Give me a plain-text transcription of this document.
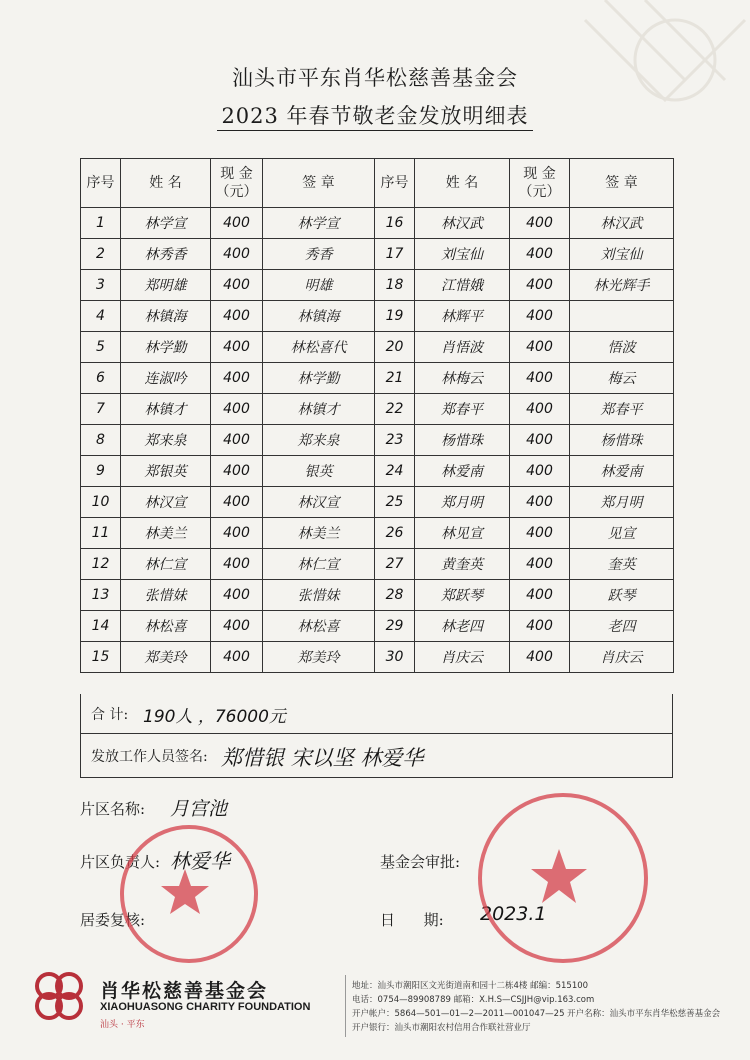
汕头市平东肖华松慈善基金会
2023 年春节敬老金发放明细表
序号	姓 名	现 金（元）	签 章	序号	姓 名	现 金（元）	签 章
1	林学宣	400	林学宣	16	林汉武	400	林汉武
2	林秀香	400	秀香	17	刘宝仙	400	刘宝仙
3	郑明雄	400	明雄	18	江惜娥	400	林光辉手
4	林镇海	400	林镇海	19	林辉平	400	
5	林学勤	400	林松喜代	20	肖悟波	400	悟波
6	连淑吟	400	林学勤	21	林梅云	400	梅云
7	林镇才	400	林镇才	22	郑春平	400	郑春平
8	郑来泉	400	郑来泉	23	杨惜珠	400	杨惜珠
9	郑银英	400	银英	24	林爱南	400	林爱南
10	林汉宣	400	林汉宣	25	郑月明	400	郑月明
11	林美兰	400	林美兰	26	林见宣	400	见宣
12	林仁宣	400	林仁宣	27	黄奎英	400	奎英
13	张惜妹	400	张惜妹	28	郑跃琴	400	跃琴
14	林松喜	400	林松喜	29	林老四	400	老四
15	郑美玲	400	郑美玲	30	肖庆云	400	肖庆云
合 计: 190人 ，76000元
发放工作人员签名: 郑惜银 宋以坚 林爱华
片区名称: 月宫池
片区负责人: 林爱华	基金会审批:
居委复核:	日      期: 2023.1
肖华松慈善基金会
XIAOHUASONG CHARITY FOUNDATION
汕头 · 平东
地址：汕头市潮阳区文光街道南和园十二栋4楼 邮编：515100
电话：0754—89908789 邮箱：X.H.S—CSJJH@vip.163.com
开户帐户：5864—501—01—2—2011—001047—25 开户名称：汕头市平东肖华松慈善基金会
开户银行：汕头市潮阳农村信用合作联社营业厅
